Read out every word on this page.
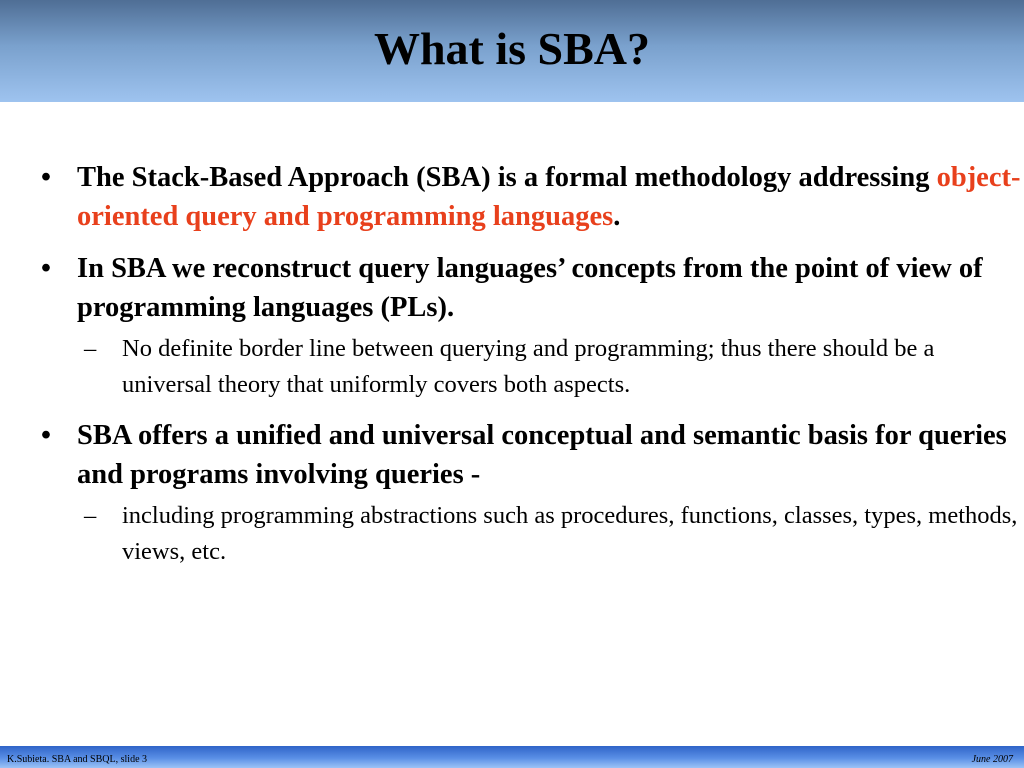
What is SBA?
• The Stack-Based Approach (SBA) is a formal methodology addressing object-oriented query and programming languages.
• In SBA we reconstruct query languages’ concepts from the point of view of programming languages (PLs).
– No definite border line between querying and programming; thus there should be a universal theory that uniformly covers both aspects.
• SBA offers a unified and universal conceptual and semantic basis for queries and programs involving queries -
– including programming abstractions such as procedures, functions, classes, types, methods, views, etc.
K.Subieta. SBA and SBQL, slide 3	June 2007
